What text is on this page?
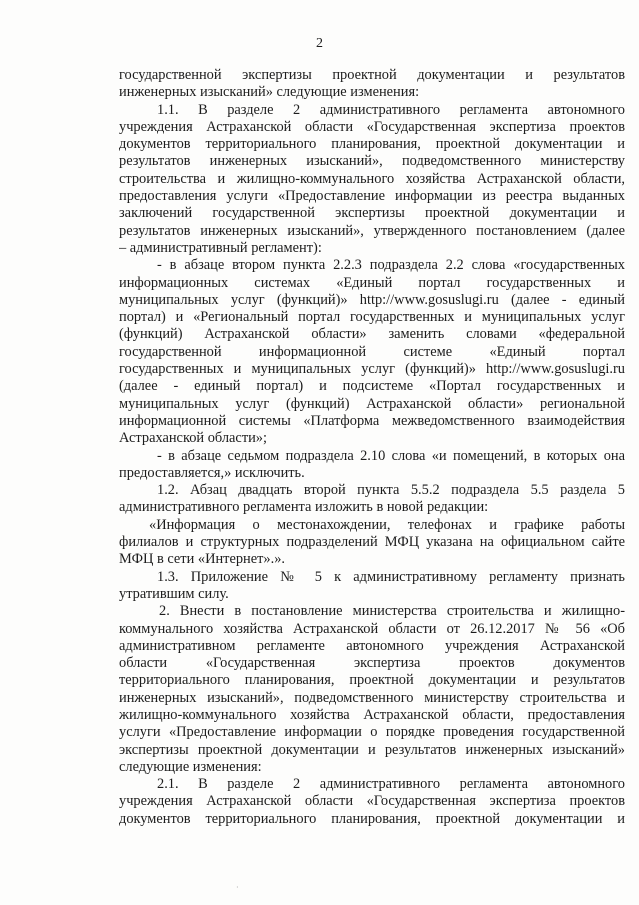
2
государственной экспертизы проектной документации и результатов
инженерных изысканий» следующие изменения:
1.1. В разделе 2 административного регламента автономного
учреждения Астраханской области «Государственная экспертиза проектов
документов территориального планирования, проектной документации и
результатов инженерных изысканий», подведомственного министерству
строительства и жилищно-коммунального хозяйства Астраханской области,
предоставления услуги «Предоставление информации из реестра выданных
заключений государственной экспертизы проектной документации и
результатов инженерных изысканий», утвержденного постановлением (далее
– административный регламент):
- в абзаце втором пункта 2.2.3 подраздела 2.2 слова «государственных
информационных системах «Единый портал государственных и
муниципальных услуг (функций)» http://www.gosuslugi.ru (далее - единый
портал) и «Региональный портал государственных и муниципальных услуг
(функций) Астраханской области» заменить словами «федеральной
государственной информационной системе «Единый портал
государственных и муниципальных услуг (функций)» http://www.gosuslugi.ru
(далее - единый портал) и подсистеме «Портал государственных и
муниципальных услуг (функций) Астраханской области» региональной
информационной системы «Платформа межведомственного взаимодействия
Астраханской области»;
- в абзаце седьмом подраздела 2.10 слова «и помещений, в которых она
предоставляется,» исключить.
1.2. Абзац двадцать второй пункта 5.5.2 подраздела 5.5 раздела 5
административного регламента изложить в новой редакции:
«Информация о местонахождении, телефонах и графике работы
филиалов и структурных подразделений МФЦ указана на официальном сайте
МФЦ в сети «Интернет».».
1.3. Приложение № 5 к административному регламенту признать
утратившим силу.
2. Внести в постановление министерства строительства и жилищно-
коммунального хозяйства Астраханской области от 26.12.2017 № 56 «Об
административном регламенте автономного учреждения Астраханской
области «Государственная экспертиза проектов документов
территориального планирования, проектной документации и результатов
инженерных изысканий», подведомственного министерству строительства и
жилищно-коммунального хозяйства Астраханской области, предоставления
услуги «Предоставление информации о порядке проведения государственной
экспертизы проектной документации и результатов инженерных изысканий»
следующие изменения:
2.1. В разделе 2 административного регламента автономного
учреждения Астраханской области «Государственная экспертиза проектов
документов территориального планирования, проектной документации и
·
